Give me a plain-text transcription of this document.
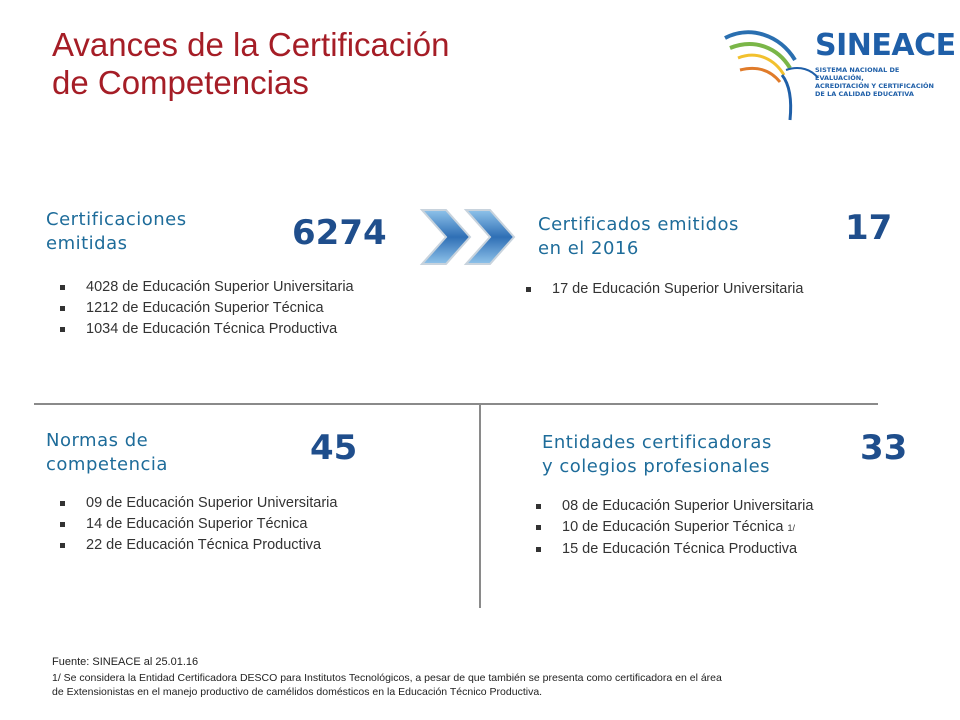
Avances de la Certificación
de Competencias
SINEACE
SISTEMA NACIONAL DE EVALUACIÓN,
ACREDITACIÓN Y CERTIFICACIÓN
DE LA CALIDAD EDUCATIVA
Certificaciones
emitidas	6274
4028 de Educación Superior Universitaria
1212 de Educación Superior Técnica
1034 de Educación Técnica Productiva
Certificados emitidos
en el 2016
17
17 de Educación Superior Universitaria
Normas de
competencia	45
09 de Educación Superior Universitaria
14 de Educación Superior Técnica
22 de Educación Técnica Productiva
Entidades certificadoras
y colegios profesionales	33
08 de Educación Superior Universitaria
10 de Educación Superior Técnica 1/
15 de Educación Técnica Productiva
Fuente: SINEACE al 25.01.16
1/ Se considera la Entidad Certificadora DESCO para Institutos Tecnológicos, a pesar de que también se presenta como certificadora en el área
de Extensionistas en el manejo productivo de camélidos domésticos en la Educación Técnico Productiva.
